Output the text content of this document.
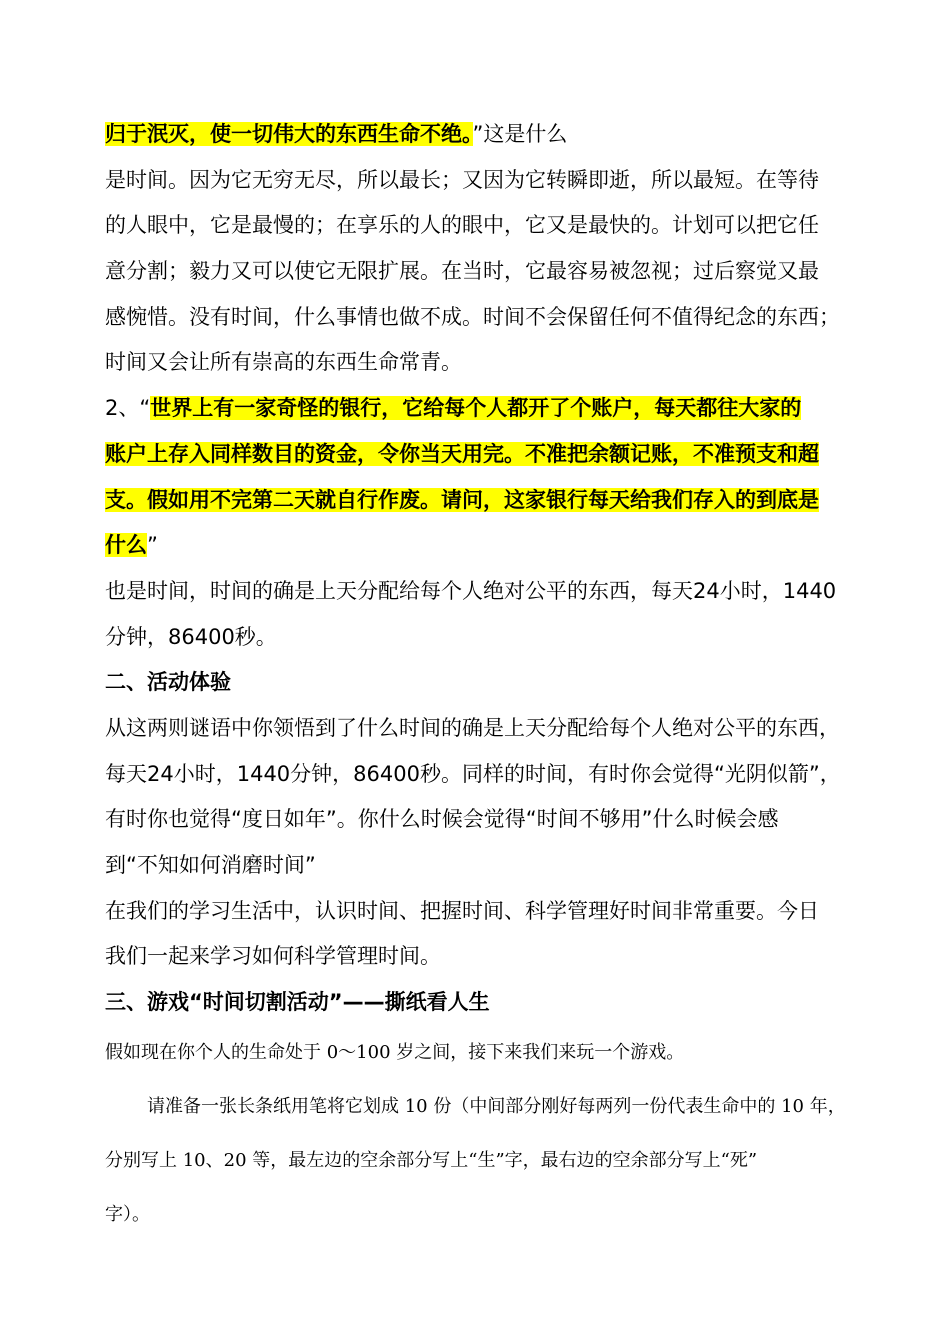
归于泯灭，使一切伟大的东西生命不绝。”这是什么
是时间。因为它无穷无尽，所以最长；又因为它转瞬即逝，所以最短。在等待
的人眼中，它是最慢的；在享乐的人的眼中，它又是最快的。计划可以把它任
意分割；毅力又可以使它无限扩展。在当时，它最容易被忽视；过后察觉又最
感惋惜。没有时间，什么事情也做不成。时间不会保留任何不值得纪念的东西；
时间又会让所有崇高的东西生命常青。
2、“世界上有一家奇怪的银行，它给每个人都开了个账户，每天都往大家的
账户上存入同样数目的资金，令你当天用完。不准把余额记账，不准预支和超
支。假如用不完第二天就自行作废。请问，这家银行每天给我们存入的到底是
什么”
也是时间，时间的确是上天分配给每个人绝对公平的东西，每天24小时，1440
分钟，86400秒。
二、活动体验
从这两则谜语中你领悟到了什么时间的确是上天分配给每个人绝对公平的东西，
每天24小时，1440分钟，86400秒。同样的时间，有时你会觉得“光阴似箭”，
有时你也觉得“度日如年”。你什么时候会觉得“时间不够用”什么时候会感
到“不知如何消磨时间”
在我们的学习生活中，认识时间、把握时间、科学管理好时间非常重要。今日
我们一起来学习如何科学管理时间。
三、游戏“时间切割活动”——撕纸看人生
假如现在你个人的生命处于 0～100 岁之间，接下来我们来玩一个游戏。
请准备一张长条纸用笔将它划成 10 份（中间部分刚好每两列一份代表生命中的 10 年，
分别写上 10、20 等，最左边的空余部分写上“生”字，最右边的空余部分写上“死”
字）。
